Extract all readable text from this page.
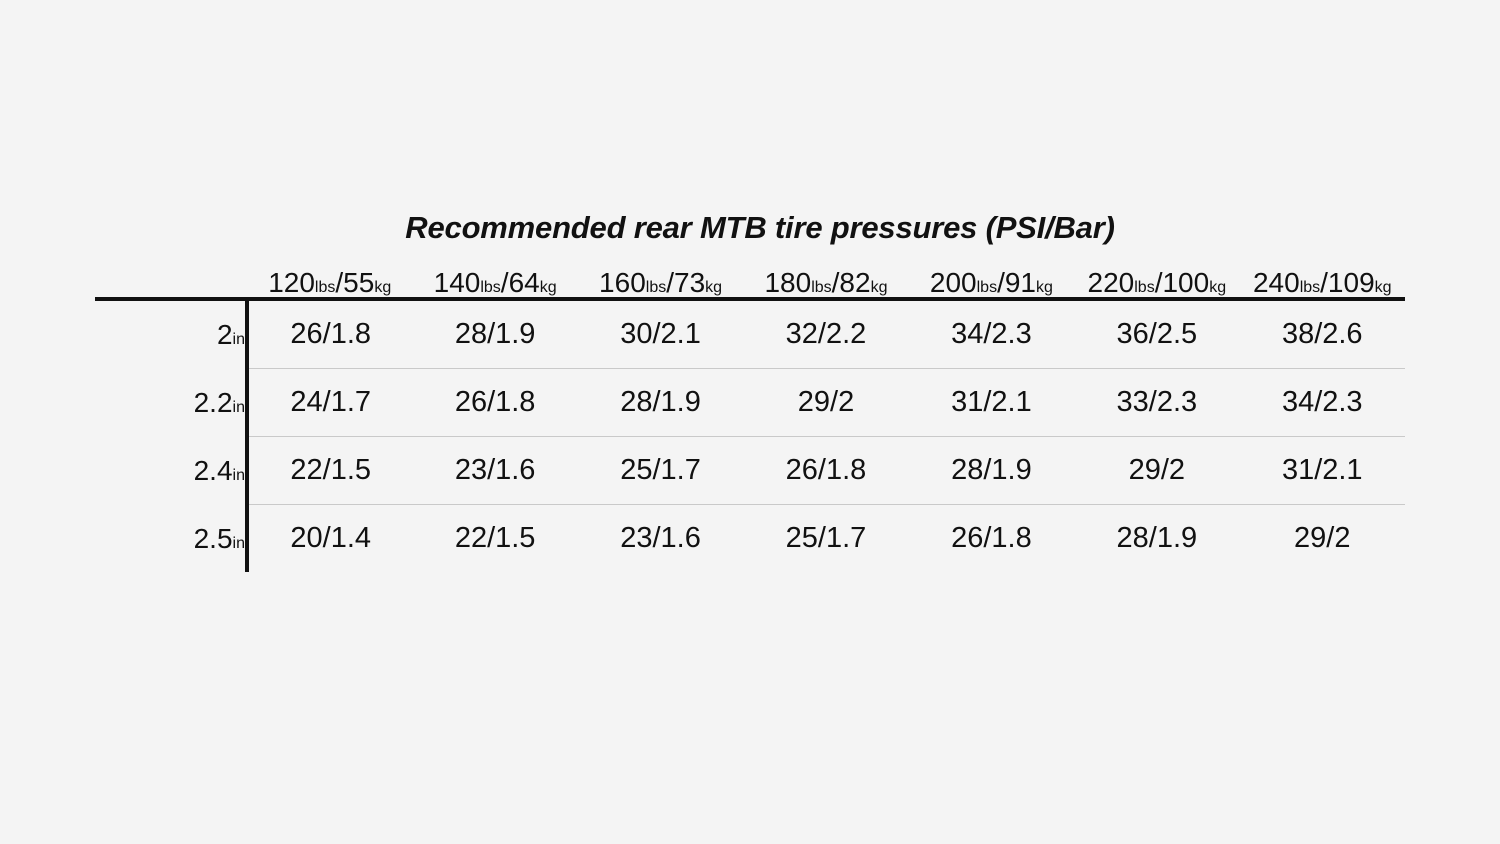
Recommended rear MTB tire pressures (PSI/Bar)
	120lbs/55kg	140lbs/64kg	160lbs/73kg	180lbs/82kg	200lbs/91kg	220lbs/100kg	240lbs/109kg
2in	26/1.8	28/1.9	30/2.1	32/2.2	34/2.3	36/2.5	38/2.6
2.2in	24/1.7	26/1.8	28/1.9	29/2	31/2.1	33/2.3	34/2.3
2.4in	22/1.5	23/1.6	25/1.7	26/1.8	28/1.9	29/2	31/2.1
2.5in	20/1.4	22/1.5	23/1.6	25/1.7	26/1.8	28/1.9	29/2
